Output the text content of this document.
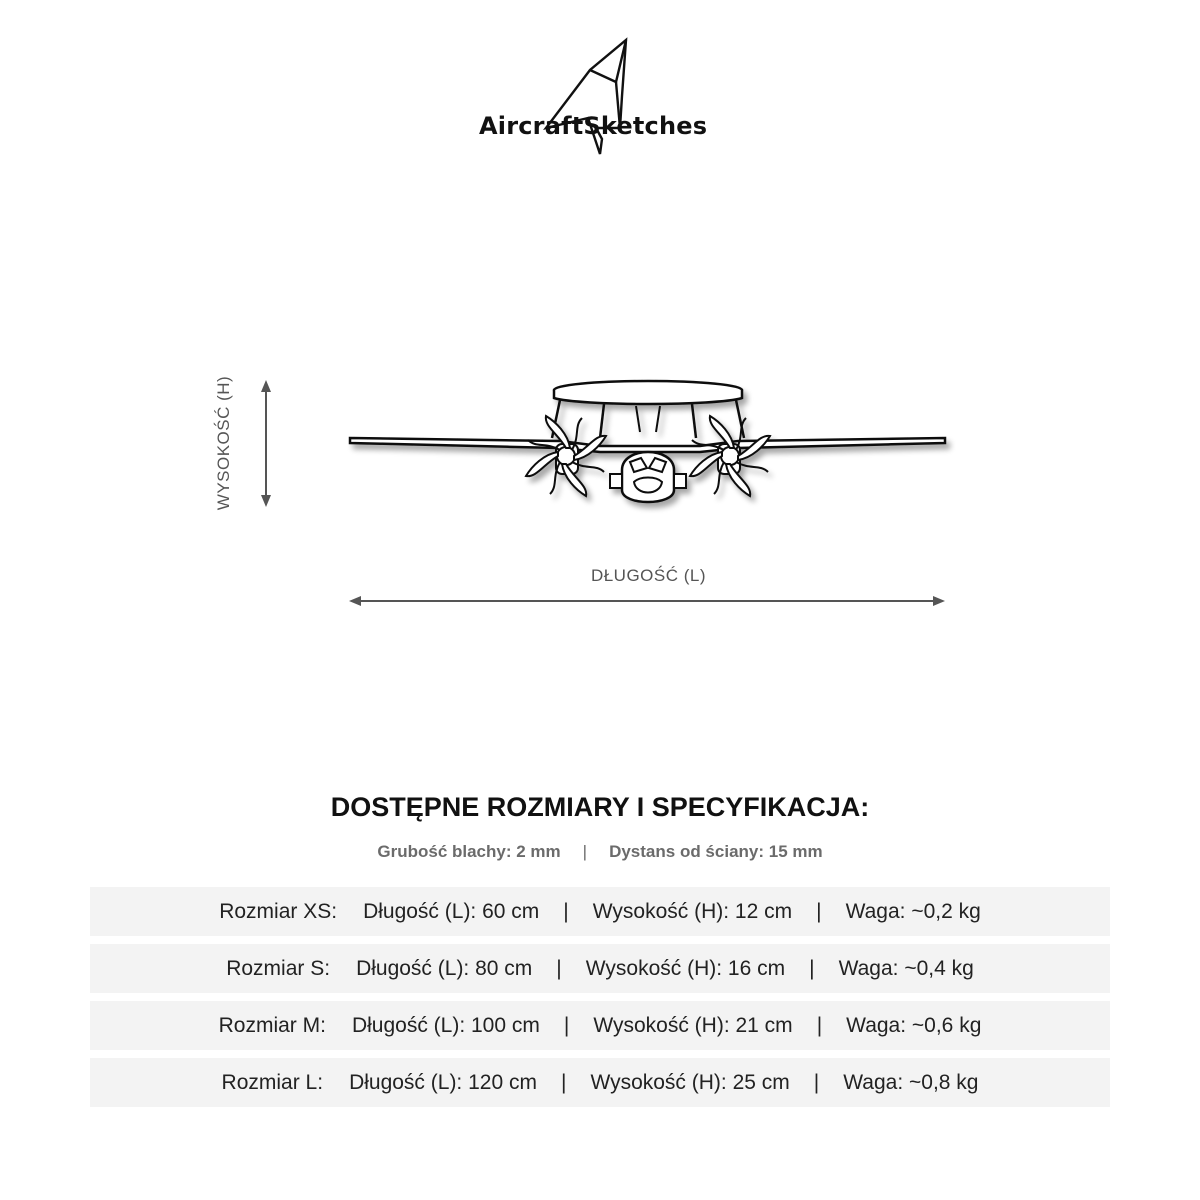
AircraftSketches
WYSOKOŚĆ (H)
DŁUGOŚĆ (L)
DOSTĘPNE ROZMIARY I SPECYFIKACJA:
Grubość blachy: 2 mm | Dystans od ściany: 15 mm
Rozmiar XS: Długość (L): 60 cm | Wysokość (H): 12 cm | Waga: ~0,2 kg
Rozmiar S: Długość (L): 80 cm | Wysokość (H): 16 cm | Waga: ~0,4 kg
Rozmiar M: Długość (L): 100 cm | Wysokość (H): 21 cm | Waga: ~0,6 kg
Rozmiar L: Długość (L): 120 cm | Wysokość (H): 25 cm | Waga: ~0,8 kg
